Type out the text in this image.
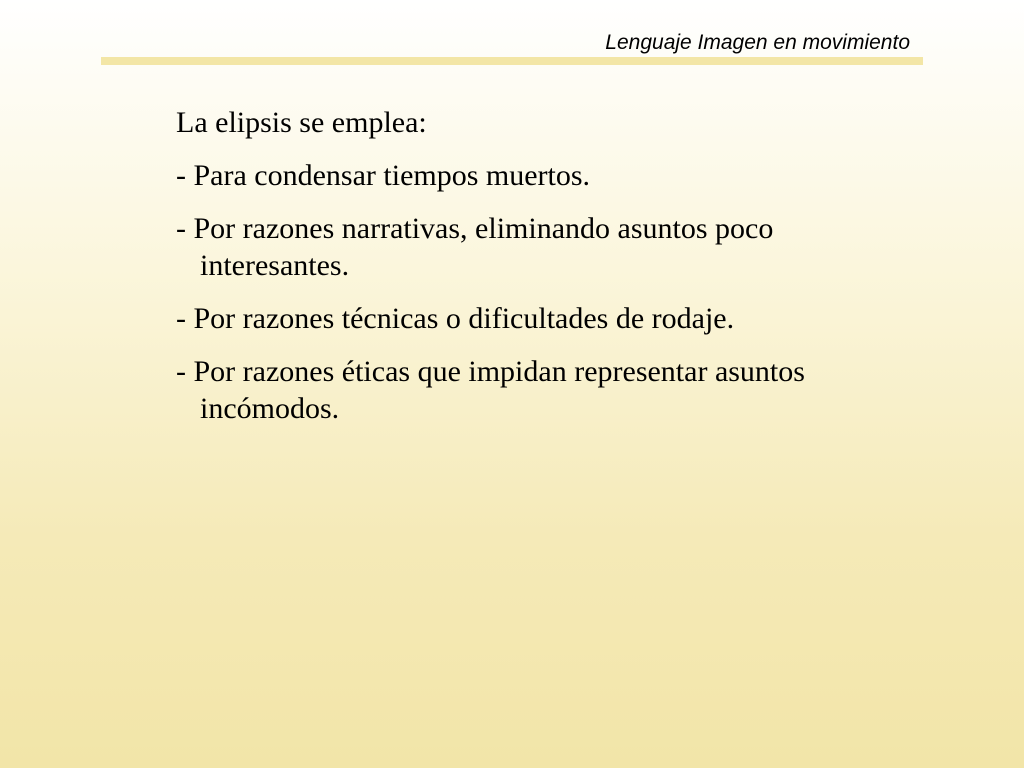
Lenguaje Imagen en movimiento

La elipsis se emplea:

- Para condensar tiempos muertos.
- Por razones narrativas, eliminando asuntos poco interesantes.
- Por razones técnicas o dificultades de rodaje.
- Por razones éticas que impidan representar asuntos incómodos.
